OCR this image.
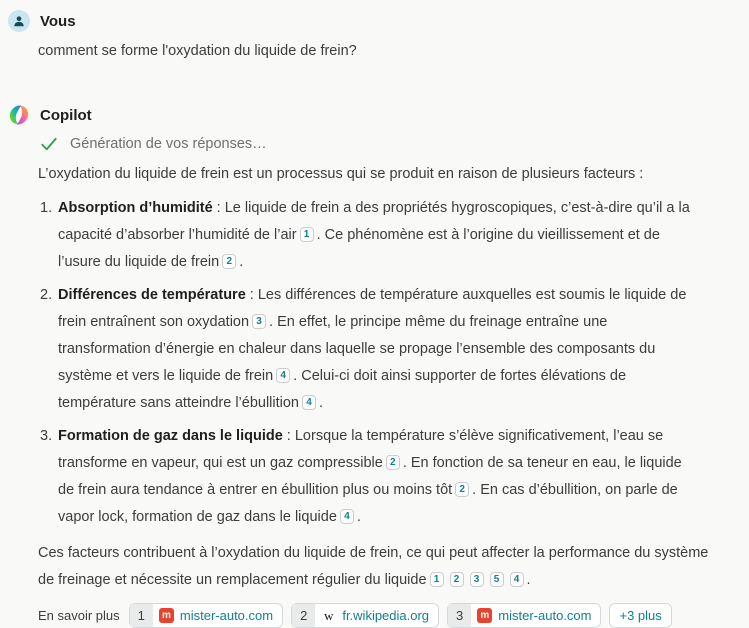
Vous
comment se forme l'oxydation du liquide de frein?
Copilot
Génération de vos réponses…
L’oxydation du liquide de frein est un processus qui se produit en raison de plusieurs facteurs :
1. Absorption d’humidité : Le liquide de frein a des propriétés hygroscopiques, c’est-à-dire qu’il a la capacité d’absorber l’humidité de l’air 1 . Ce phénomène est à l’origine du vieillissement et de l’usure du liquide de frein 2 .
2. Différences de température : Les différences de température auxquelles est soumis le liquide de frein entraînent son oxydation 3 . En effet, le principe même du freinage entraîne une transformation d’énergie en chaleur dans laquelle se propage l’ensemble des composants du système et vers le liquide de frein 4 . Celui-ci doit ainsi supporter de fortes élévations de température sans atteindre l’ébullition 4 .
3. Formation de gaz dans le liquide : Lorsque la température s’élève significativement, l’eau se transforme en vapeur, qui est un gaz compressible 2 . En fonction de sa teneur en eau, le liquide de frein aura tendance à entrer en ébullition plus ou moins tôt 2 . En cas d’ébullition, on parle de vapor lock, formation de gaz dans le liquide 4 .
Ces facteurs contribuent à l’oxydation du liquide de frein, ce qui peut affecter la performance du système de freinage et nécessite un remplacement régulier du liquide 1 2 3 5 4 .
En savoir plus	1	m mister-auto.com	2	w fr.wikipedia.org	3	m mister-auto.com	+3 plus
